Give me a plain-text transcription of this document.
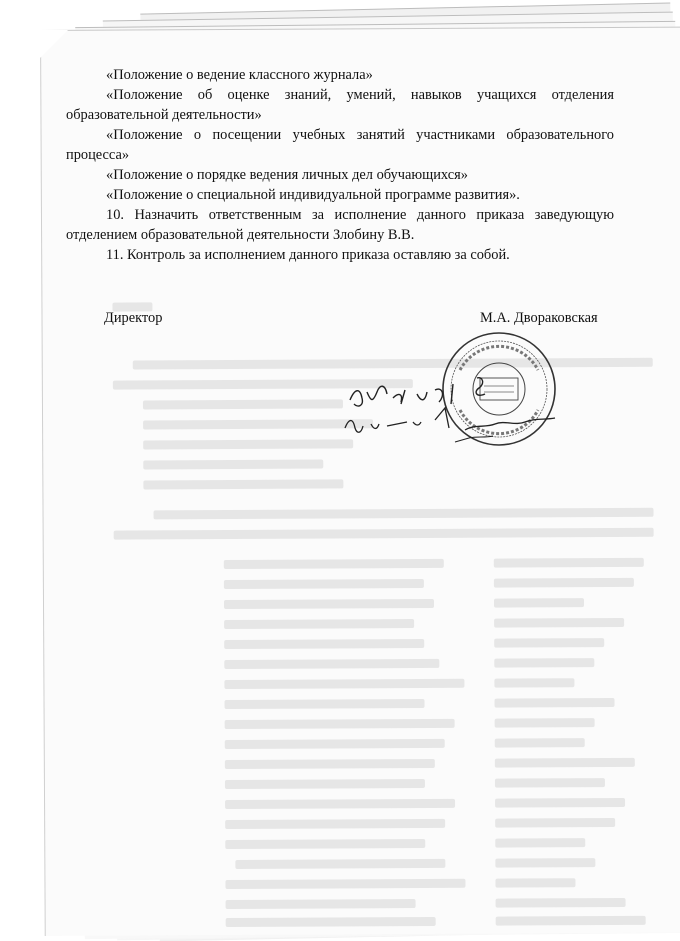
«Положение о ведение классного журнала»

«Положение об оценке знаний, умений, навыков учащихся отделения образовательной деятельности»

«Положение о посещении учебных занятий участниками образовательного процесса»

«Положение о порядке ведения личных дел обучающихся»

«Положение о специальной индивидуальной программе развития».

10. Назначить ответственным за исполнение данного приказа заведующую отделением образовательной деятельности Злобину В.В.

11. Контроль за исполнением данного приказа оставляю за собой.

Директор	М.А. Дворaковская
